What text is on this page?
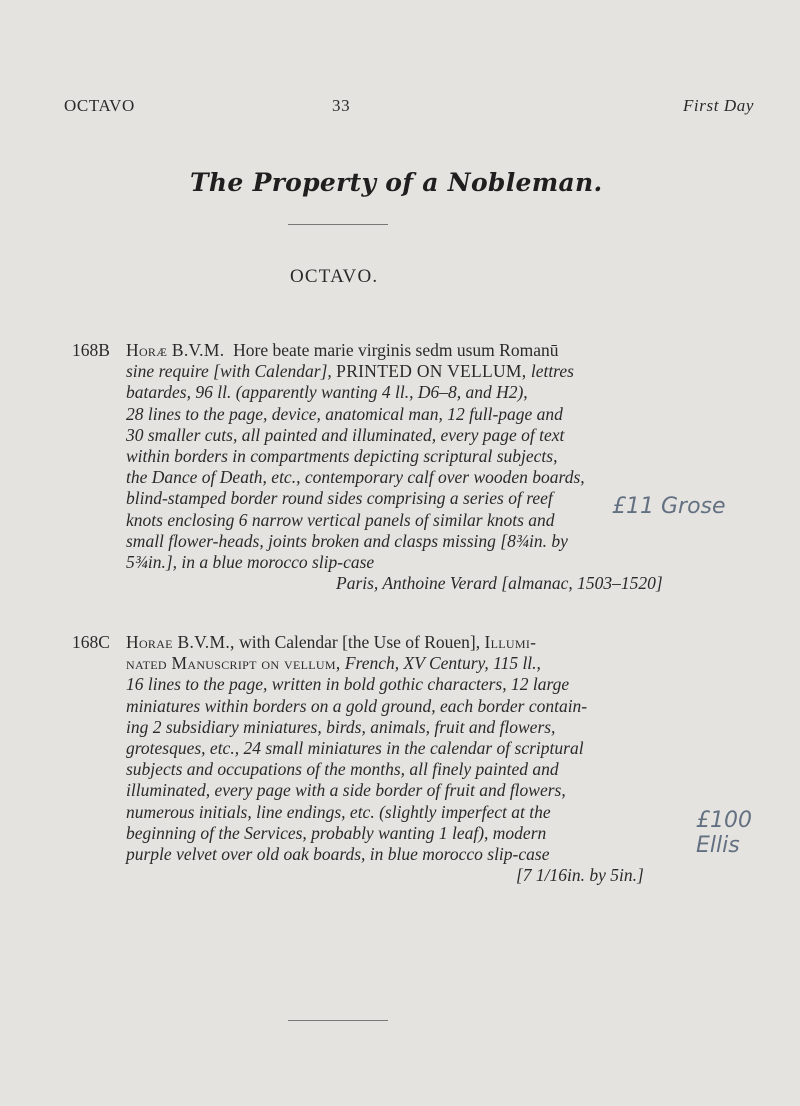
OCTAVO	33	First Day
The Property of a Nobleman.
OCTAVO.
168B Horæ B.V.M. Hore beate marie virginis sedm usum Romanū
sine require [with Calendar], PRINTED ON VELLUM, lettres
batardes, 96 ll. (apparently wanting 4 ll., D6–8, and H2),
28 lines to the page, device, anatomical man, 12 full-page and
30 smaller cuts, all painted and illuminated, every page of text
within borders in compartments depicting scriptural subjects,
the Dance of Death, etc., contemporary calf over wooden boards,
blind-stamped border round sides comprising a series of reef
knots enclosing 6 narrow vertical panels of similar knots and
small flower-heads, joints broken and clasps missing [8¾in. by
5¾in.], in a blue morocco slip-case
Paris, Anthoine Verard [almanac, 1503–1520]
168C Horae B.V.M., with Calendar [the Use of Rouen], Illumi-
nated Manuscript on vellum, French, XV Century, 115 ll.,
16 lines to the page, written in bold gothic characters, 12 large
miniatures within borders on a gold ground, each border contain-
ing 2 subsidiary miniatures, birds, animals, fruit and flowers,
grotesques, etc., 24 small miniatures in the calendar of scriptural
subjects and occupations of the months, all finely painted and
illuminated, every page with a side border of fruit and flowers,
numerous initials, line endings, etc. (slightly imperfect at the
beginning of the Services, probably wanting 1 leaf), modern
purple velvet over old oak boards, in blue morocco slip-case
[7 1/16in. by 5in.]
£11 Grose
£100 Ellis
